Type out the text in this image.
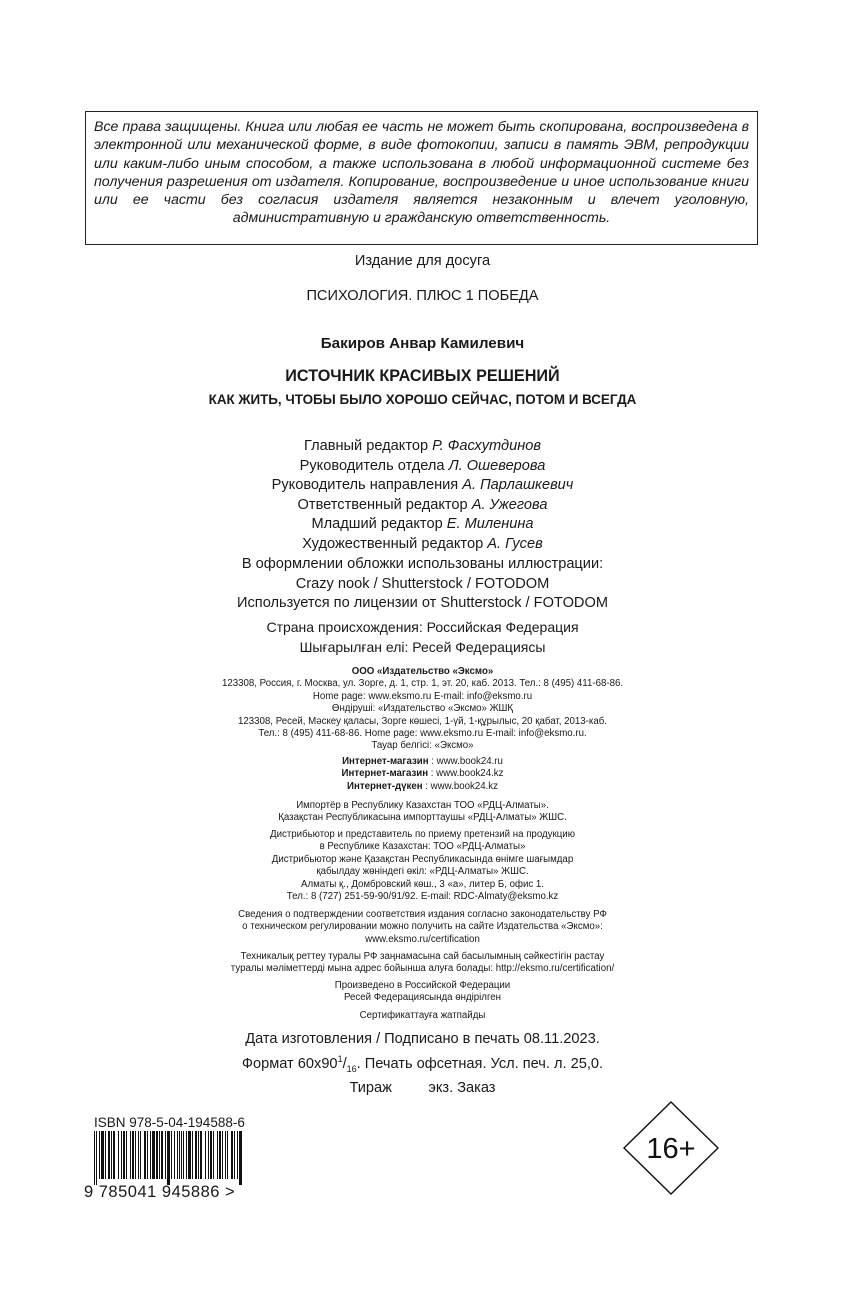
Все права защищены. Книга или любая ее часть не может быть скопирована, воспроизведена в электронной или механической форме, в виде фотокопии, записи в память ЭВМ, репродукции или каким-либо иным способом, а также использована в любой информационной системе без получения разрешения от издателя. Копирование, воспроизведение и иное использование книги или ее части без согласия издателя является незаконным и влечет уголовную, административную и гражданскую ответственность.

Издание для досуга
ПСИХОЛОГИЯ. ПЛЮС 1 ПОБЕДА
Бакиров Анвар Камилевич
ИСТОЧНИК КРАСИВЫХ РЕШЕНИЙ
КАК ЖИТЬ, ЧТОБЫ БЫЛО ХОРОШО СЕЙЧАС, ПОТОМ И ВСЕГДА
Главный редактор Р. Фасхутдинов
Руководитель отдела Л. Ошеверова
Руководитель направления А. Парлашкевич
Ответственный редактор А. Ужегова
Младший редактор Е. Миленина
Художественный редактор А. Гусев
В оформлении обложки использованы иллюстрации:
Crazy nook / Shutterstock / FOTODOM
Используется по лицензии от Shutterstock / FOTODOM
Страна происхождения: Российская Федерация
Шығарылған елі: Ресей Федерациясы
ООО «Издательство «Эксмо»
123308, Россия, г. Москва, ул. Зорге, д. 1, стр. 1, эт. 20, каб. 2013. Тел.: 8 (495) 411-68-86.
Home page: www.eksmo.ru E-mail: info@eksmo.ru
Өндіруші: «Издательство «Эксмо» ЖШҚ
123308, Ресей, Мәскеу қаласы, Зорге көшесі, 1-үй, 1-құрылыс, 20 қабат, 2013-каб.
Тел.: 8 (495) 411-68-86. Home page: www.eksmo.ru E-mail: info@eksmo.ru.
Тауар белгісі: «Эксмо»
Интернет-магазин : www.book24.ru
Интернет-магазин : www.book24.kz
Интернет-дүкен : www.book24.kz
Импортёр в Республику Казахстан ТОО «РДЦ-Алматы».
Қазақстан Республикасына импорттаушы «РДЦ-Алматы» ЖШС.
Дистрибьютор и представитель по приему претензий на продукцию
в Республике Казахстан: ТОО «РДЦ-Алматы»
Дистрибьютор және Қазақстан Республикасында өнімге шағымдар
қабылдау жөніндегі өкіл: «РДЦ-Алматы» ЖШС.
Алматы қ., Домбровский көш., 3 «а», литер Б, офис 1.
Тел.: 8 (727) 251-59-90/91/92. E-mail: RDC-Almaty@eksmo.kz
Сведения о подтверждении соответствия издания согласно законодательству РФ
о техническом регулировании можно получить на сайте Издательства «Эксмо»:
www.eksmo.ru/certification
Техникалық реттеу туралы РФ заңнамасына сай басылымның сәйкестігін растау
туралы мәліметтерді мына адрес бойынша алуға болады: http://eksmo.ru/certification/
Произведено в Российской Федерации
Ресей Федерациясында өндірілген
Сертификаттауға жатпайды
Дата изготовления / Подписано в печать 08.11.2023.
Формат $60х90^1/_{16}$. Печать офсетная. Усл. печ. л. 25,0.
Тираж         экз. Заказ
ISBN 978-5-04-194588-6
9 785041 945886 >
16+
